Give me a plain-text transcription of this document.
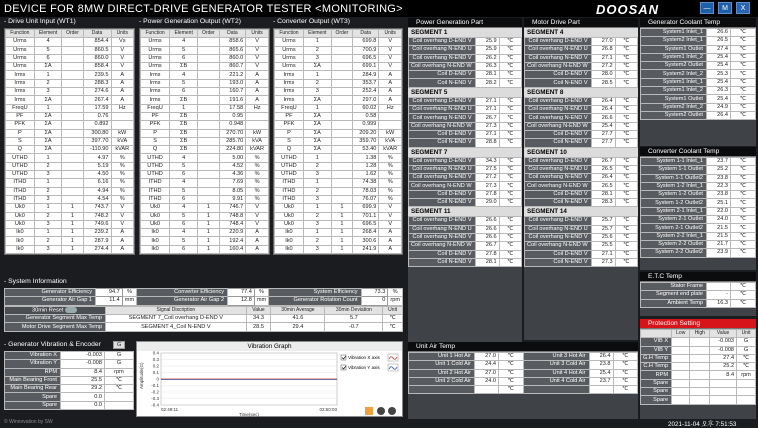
DEVICE FOR 8MW DIRECT-DRIVE GENERATOR TESTER <MONITORING>	DOOSAN	—	M	X
- Drive Unit Input (WT1)	- Power Generation Output (WT2)	- Converter Output (WT3)
Function	Element	Order	Data	Units
Urms	4		854.4	Vs
Urms	5		860.5	V
Urms	6		860.0	V
Urms	ΣA		858.4	V
Irms	1		239.5	A
Irms	2		288.3	A
Irms	3		274.6	A
Irms	ΣA		267.4	A
FreqU	1		17.59	Hz
PF	ΣA		0.76	
PFK	ΣA		0.892	
P	ΣA		300.80	kW
S	ΣA		397.70	kVA
Q	ΣA		-110.90	kVAR
UTHD	1		4.97	%
UTHD	2		5.19	%
UTHD	3		4.50	%
ITHD	1		6.16	%
ITHD	2		4.94	%
ITHD	3		4.54	%
Uk0	1	1	743.7	V
Uk0	2	1	748.2	V
Uk0	3	1	749.6	V
Ik0	1	1	239.2	A
Ik0	2	1	287.9	A
Ik0	3	1	274.4	A
Function	Element	Order	Data	Units
Urms	4		858.6	V
Urms	5		865.6	V
Urms	6		860.0	V
Urms	ΣB		860.7	V
Irms	4		221.2	A
Irms	5		193.0	A
Irms	6		160.7	A
Irms	ΣB		191.6	A
FreqU	1		17.58	Hz
PF	ΣB		0.95	
PFK	ΣB		0.948	
P	ΣB		270.70	kW
S	ΣB		285.70	kVA
Q	ΣB		224.80	kVAR
UTHD	4		5.00	%
UTHD	5		4.52	%
UTHD	6		4.36	%
ITHD	4		7.69	%
ITHD	5		8.05	%
ITHD	6		9.91	%
Uk0	4	1	746.7	V
Uk0	5	1	748.8	V
Uk0	6	1	748.4	V
Ik0	4	1	220.9	A
Ik0	5	1	192.4	A
Ik0	6	1	160.4	A
Function	Element	Order	Data	Units
Urms	1		699.8	V
Urms	2		700.9	V
Urms	3		696.5	V
Urms	ΣA		699.1	V
Irms	1		284.9	A
Irms	2		353.7	A
Irms	3		252.4	A
Irms	ΣA		297.0	A
FreqU	1		60.02	Hz
PF	ΣA		0.58	
PFK	ΣA		0.999	
P	ΣA		209.20	kW
S	ΣA		359.70	kVA
Q	ΣA		53.40	kVAR
UTHD	1		1.38	%
UTHD	2		1.28	%
UTHD	3		1.62	%
ITHD	1		74.38	%
ITHD	2		78.03	%
ITHD	3		76.07	%
Uk0	1	1	699.9	V
Uk0	2	1	701.1	V
Uk0	3	1	696.5	V
Ik0	1	1	268.4	A
Ik0	2	1	300.6	A
Ik0	3	1	241.9	A
- System Information
Generator Efficiency	94.7	%	Converter Efficiency	77.4	%	System Efficiency	73.3	%
Generator Air Gap 1	11.4	mm	Generator Air Gap 2	12.8	mm	Generator Rotation Count	0	rpm
30min Reset	Signal Discription	Value	30min Average	30min Deviation	Unit
Generator Segment Max Temp	SEGMENT 7_Coil overhang D-END V	34.3	41.6	5.7	℃
Motor Drive Segment Max Temp	SEGMENT 4_Coil N-END V	28.5	29.4	-0.7	℃
- Generator Vibration & Encoder	G
Vibration X	-0.003	G
Vibration Y	-0.008	G
RPM	8.4	rpm
Main Bearing Front	25.5	℃
Main Bearing Rear	29.2	℃
Spare	0.0	
Spare	0.0	
Vibration Graph
0.4
0.3
0.2
0.1
0
-0.1
-0.2
-0.3
-0.4
Amplitude(G)
02:49:11	02:50:03
Time(sec)
Vibration X axis
Vibration Y axis
Power Generation Part
SEGMENT 1
Coil overhang D-END V	25.9	℃
Coil overhang N-END U	25.9	℃
Coil overhang N-END V	26.2	℃
Coil overhang N-END W	26.3	℃
Coil D-END V	28.1	℃
Coil N-END V	28.2	℃
SEGMENT 5
Coil overhang D-END V	27.1	℃
Coil overhang N-END U	27.1	℃
Coil overhang N-END V	26.7	℃
Coil overhang N-END W	27.3	℃
Coil D-END V	27.1	℃
Coil N-END V	28.8	℃
SEGMENT 7
Coil overhang D-END V	34.3	℃
Coil overhang N-END U	27.5	℃
Coil overhang N-END V	27.2	℃
Coil overhang N-END W	27.3	℃
Coil D-END V	27.8	℃
Coil N-END V	29.0	℃
SEGMENT 11
Coil overhang D-END V	26.6	℃
Coil overhang N-END U	26.6	℃
Coil overhang N-END V	26.6	℃
Coil overhang N-END W	26.7	℃
Coil D-END V	27.8	℃
Coil N-END V	28.1	℃
Motor Drive Part
SEGMENT 4
Coil overhang D-END V	27.0	℃
Coil overhang N-END U	26.8	℃
Coil overhang N-END V	27.1	℃
Coil overhang N-END W	27.2	℃
Coil D-END V	28.0	℃
Coil N-END V	28.5	℃
SEGMENT 8
Coil overhang D-END V	26.4	℃
Coil overhang N-END U	26.4	℃
Coil overhang N-END V	26.6	℃
Coil overhang N-END W	25.4	℃
Coil D-END V	27.7	℃
Coil N-END V	27.7	℃
SEGMENT 10
Coil overhang D-END V	26.7	℃
Coil overhang N-END U	26.5	℃
Coil overhang N-END V	26.4	℃
Coil overhang N-END W	26.5	℃
Coil D-END V	28.1	℃
Coil N-END V	28.3	℃
SEGMENT 14
Coil overhang D-END V	25.7	℃
Coil overhang N-END U	25.7	℃
Coil overhang N-END V	25.6	℃
Coil overhang N-END W	25.5	℃
Coil D-END V	27.1	℃
Coil N-END V	27.3	℃
Unit Air Temp
Unit 1 Hot Air	27.0	℃	Unit 3 Hot Air	26.4	℃
Unit 1 Cold Air	24.4	℃	Unit 3 Cold Air	23.8	℃
Unit 2 Hot Air	27.0	℃	Unit 4 Hot Air	25.4	℃
Unit 2 Cold Air	24.0	℃	Unit 4 Cold Air	23.7	℃
		℃			℃
Generator Coolant Temp
System1 Inlet_1	26.6	℃
System2 Inlet_1	26.5	℃
System1 Outlet	27.4	℃
System1 Inlet_2	25.4	℃
System2 Outlet	25.4	℃
System2 Inlet_2	25.3	℃
System1 Inlet_1	25.4	℃
System1 Inlet_2	26.3	℃
System1 Outlet	25.4	℃
System2 Inlet_2	24.9	℃
System2 Outlet	26.4	℃
Converter Coolant Temp
System 1-1 Inlet_1	23.7	℃
System 1-1 Outlet	25.2	℃
System 1-1 Outlet2	23.8	℃
System 1-2 Inlet_1	22.3	℃
System 1-2 Outlet	23.8	℃
System 1-2 Outlet2	25.1	℃
System 2-1 Inlet_1	22.0	℃
System 2-1 Outlet	24.0	℃
System 2-1 Outlet2	21.5	℃
System 2-2 Inlet_1	21.5	℃
System 2-2 Outlet	21.7	℃
System 2-2 Outlet2	23.9	℃
E.T.C Temp
Stator Frame		℃
Segment end plate	-	℃
Ambient Temp	16.3	℃
Protection Setting
	Low	High	Value	Unit
VIB X			-0.003	G
VIB Y			-0.008	G
G.H Temp			27.4	℃
C.H Temp			25.2	℃
RPM			8.4	rpm
Spare				
Spare				
Spare				
© Winnovation by SW	2021-11-04 오후 7:51:53
